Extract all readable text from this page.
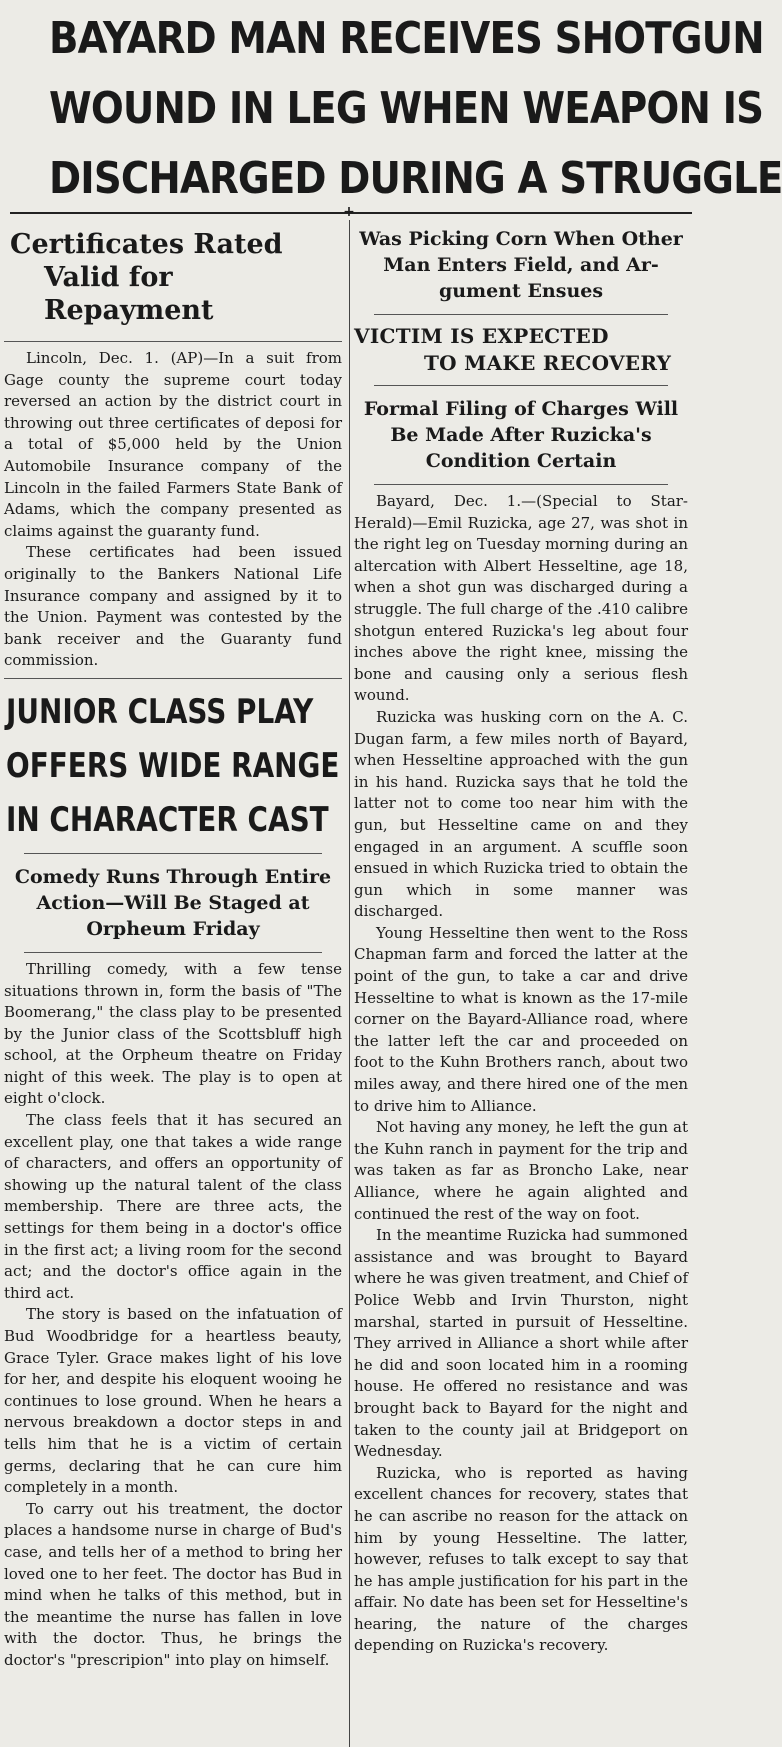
BAYARD MAN RECEIVES SHOTGUN
WOUND IN LEG WHEN WEAPON IS
DISCHARGED DURING A STRUGGLE
+
Certificates Rated
Valid for Repayment

Lincoln, Dec. 1. (AP)—In a suit from Gage county the supreme court today reversed an action by the district court in throwing out three certificates of deposi for a total of $5,000 held by the Union Automobile Insurance company of the Lincoln in the failed Farmers State Bank of Adams, which the company presented as claims against the guaranty fund.

These certificates had been issued originally to the Bankers National Life Insurance company and assigned by it to the Union. Payment was contested by the bank receiver and the Guaranty fund commission.

JUNIOR CLASS PLAY
OFFERS WIDE RANGE
IN CHARACTER CAST
Comedy Runs Through Entire
Action—Will Be Staged at
Orpheum Friday

Thrilling comedy, with a few tense situations thrown in, form the basis of "The Boomerang," the class play to be presented by the Junior class of the Scottsbluff high school, at the Orpheum theatre on Friday night of this week. The play is to open at eight o'clock.

The class feels that it has secured an excellent play, one that takes a wide range of characters, and offers an opportunity of showing up the natural talent of the class membership. There are three acts, the settings for them being in a doctor's office in the first act; a living room for the second act; and the doctor's office again in the third act.

The story is based on the infatuation of Bud Woodbridge for a heartless beauty, Grace Tyler. Grace makes light of his love for her, and despite his eloquent wooing he continues to lose ground. When he hears a nervous breakdown a doctor steps in and tells him that he is a victim of certain germs, declaring that he can cure him completely in a month.

To carry out his treatment, the doctor places a handsome nurse in charge of Bud's case, and tells her of a method to bring her loved one to her feet. The doctor has Bud in mind when he talks of this method, but in the meantime the nurse has fallen in love with the doctor. Thus, he brings the doctor's "prescripion" into play on himself.

Was Picking Corn When Other
Man Enters Field, and Ar-
gument Ensues
VICTIM IS EXPECTED
TO MAKE RECOVERY
Formal Filing of Charges Will
Be Made After Ruzicka's
Condition Certain

Bayard, Dec. 1.—(Special to Star-Herald)—Emil Ruzicka, age 27, was shot in the right leg on Tuesday morning during an altercation with Albert Hesseltine, age 18, when a shot gun was discharged during a struggle. The full charge of the .410 calibre shotgun entered Ruzicka's leg about four inches above the right knee, missing the bone and causing only a serious flesh wound.

Ruzicka was husking corn on the A. C. Dugan farm, a few miles north of Bayard, when Hesseltine approached with the gun in his hand. Ruzicka says that he told the latter not to come too near him with the gun, but Hesseltine came on and they engaged in an argument. A scuffle soon ensued in which Ruzicka tried to obtain the gun which in some manner was discharged.

Young Hesseltine then went to the Ross Chapman farm and forced the latter at the point of the gun, to take a car and drive Hesseltine to what is known as the 17-mile corner on the Bayard-Alliance road, where the latter left the car and proceeded on foot to the Kuhn Brothers ranch, about two miles away, and there hired one of the men to drive him to Alliance.

Not having any money, he left the gun at the Kuhn ranch in payment for the trip and was taken as far as Broncho Lake, near Alliance, where he again alighted and continued the rest of the way on foot.

In the meantime Ruzicka had summoned assistance and was brought to Bayard where he was given treatment, and Chief of Police Webb and Irvin Thurston, night marshal, started in pursuit of Hesseltine. They arrived in Alliance a short while after he did and soon located him in a rooming house. He offered no resistance and was brought back to Bayard for the night and taken to the county jail at Bridgeport on Wednesday.

Ruzicka, who is reported as having excellent chances for recovery, states that he can ascribe no reason for the attack on him by young Hesseltine. The latter, however, refuses to talk except to say that he has ample justification for his part in the affair. No date has been set for Hesseltine's hearing, the nature of the charges depending on Ruzicka's recovery.
